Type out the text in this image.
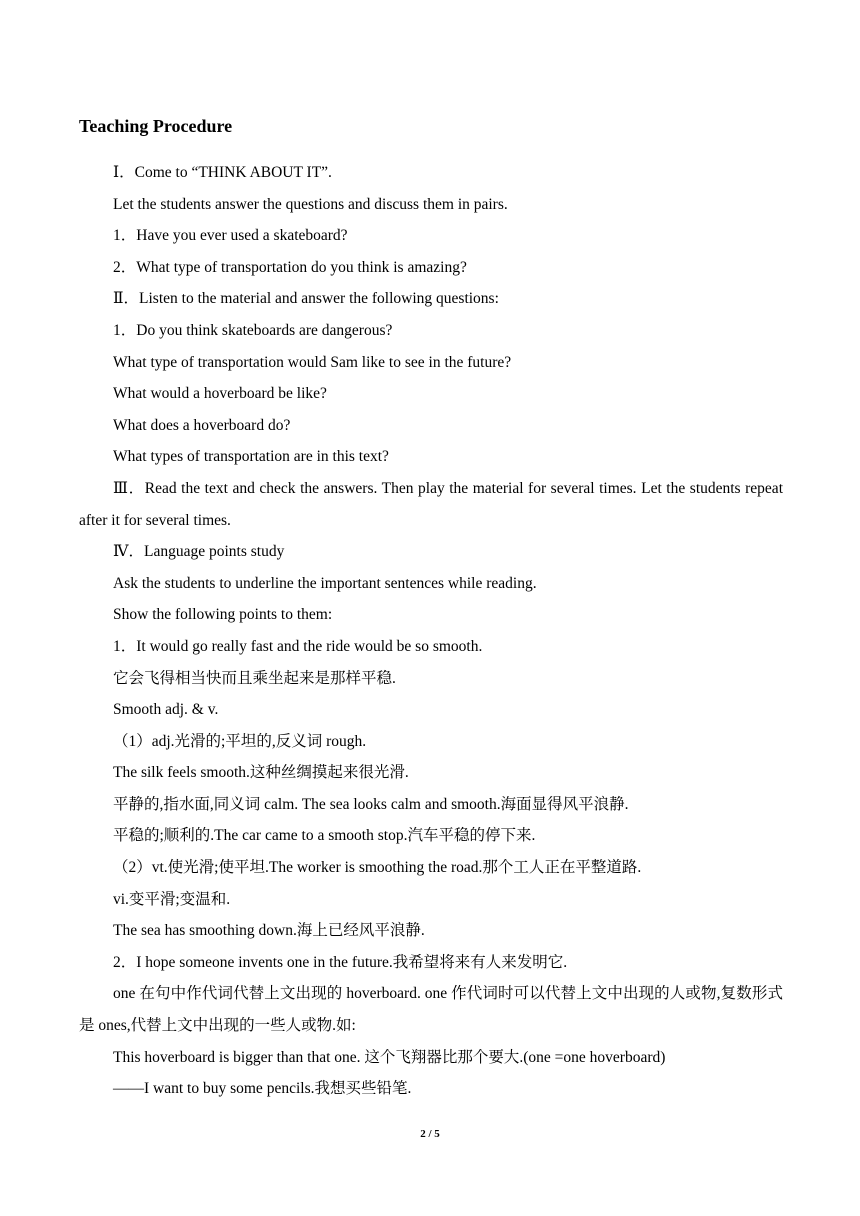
Teaching Procedure
Ⅰ．Come to “THINK ABOUT IT”.
Let the students answer the questions and discuss them in pairs.
1．Have you ever used a skateboard?
2．What type of transportation do you think is amazing?
Ⅱ．Listen to the material and answer the following questions:
1．Do you think skateboards are dangerous?
What type of transportation would Sam like to see in the future?
What would a hoverboard be like?
What does a hoverboard do?
What types of transportation are in this text?

Ⅲ．Read the text and check the answers. Then play the material for several times. Let the students repeat after it for several times.

Ⅳ．Language points study
Ask the students to underline the important sentences while reading.
Show the following points to them:
1．It would go really fast and the ride would be so smooth.
它会飞得相当快而且乘坐起来是那样平稳.
Smooth adj. & v.
（1）adj.光滑的;平坦的,反义词 rough.
The silk feels smooth.这种丝绸摸起来很光滑.
平静的,指水面,同义词 calm. The sea looks calm and smooth.海面显得风平浪静.
平稳的;顺利的.The car came to a smooth stop.汽车平稳的停下来.
（2）vt.使光滑;使平坦.The worker is smoothing the road.那个工人正在平整道路.
vi.变平滑;变温和.
The sea has smoothing down.海上已经风平浪静.
2．I hope someone invents one in the future.我希望将来有人来发明它.

one 在句中作代词代替上文出现的 hoverboard. one 作代词时可以代替上文中出现的人或物,复数形式是 ones,代替上文中出现的一些人或物.如:

This hoverboard is bigger than that one. 这个飞翔器比那个要大.(one =one hoverboard)
——I want to buy some pencils.我想买些铅笔.
2 / 5
